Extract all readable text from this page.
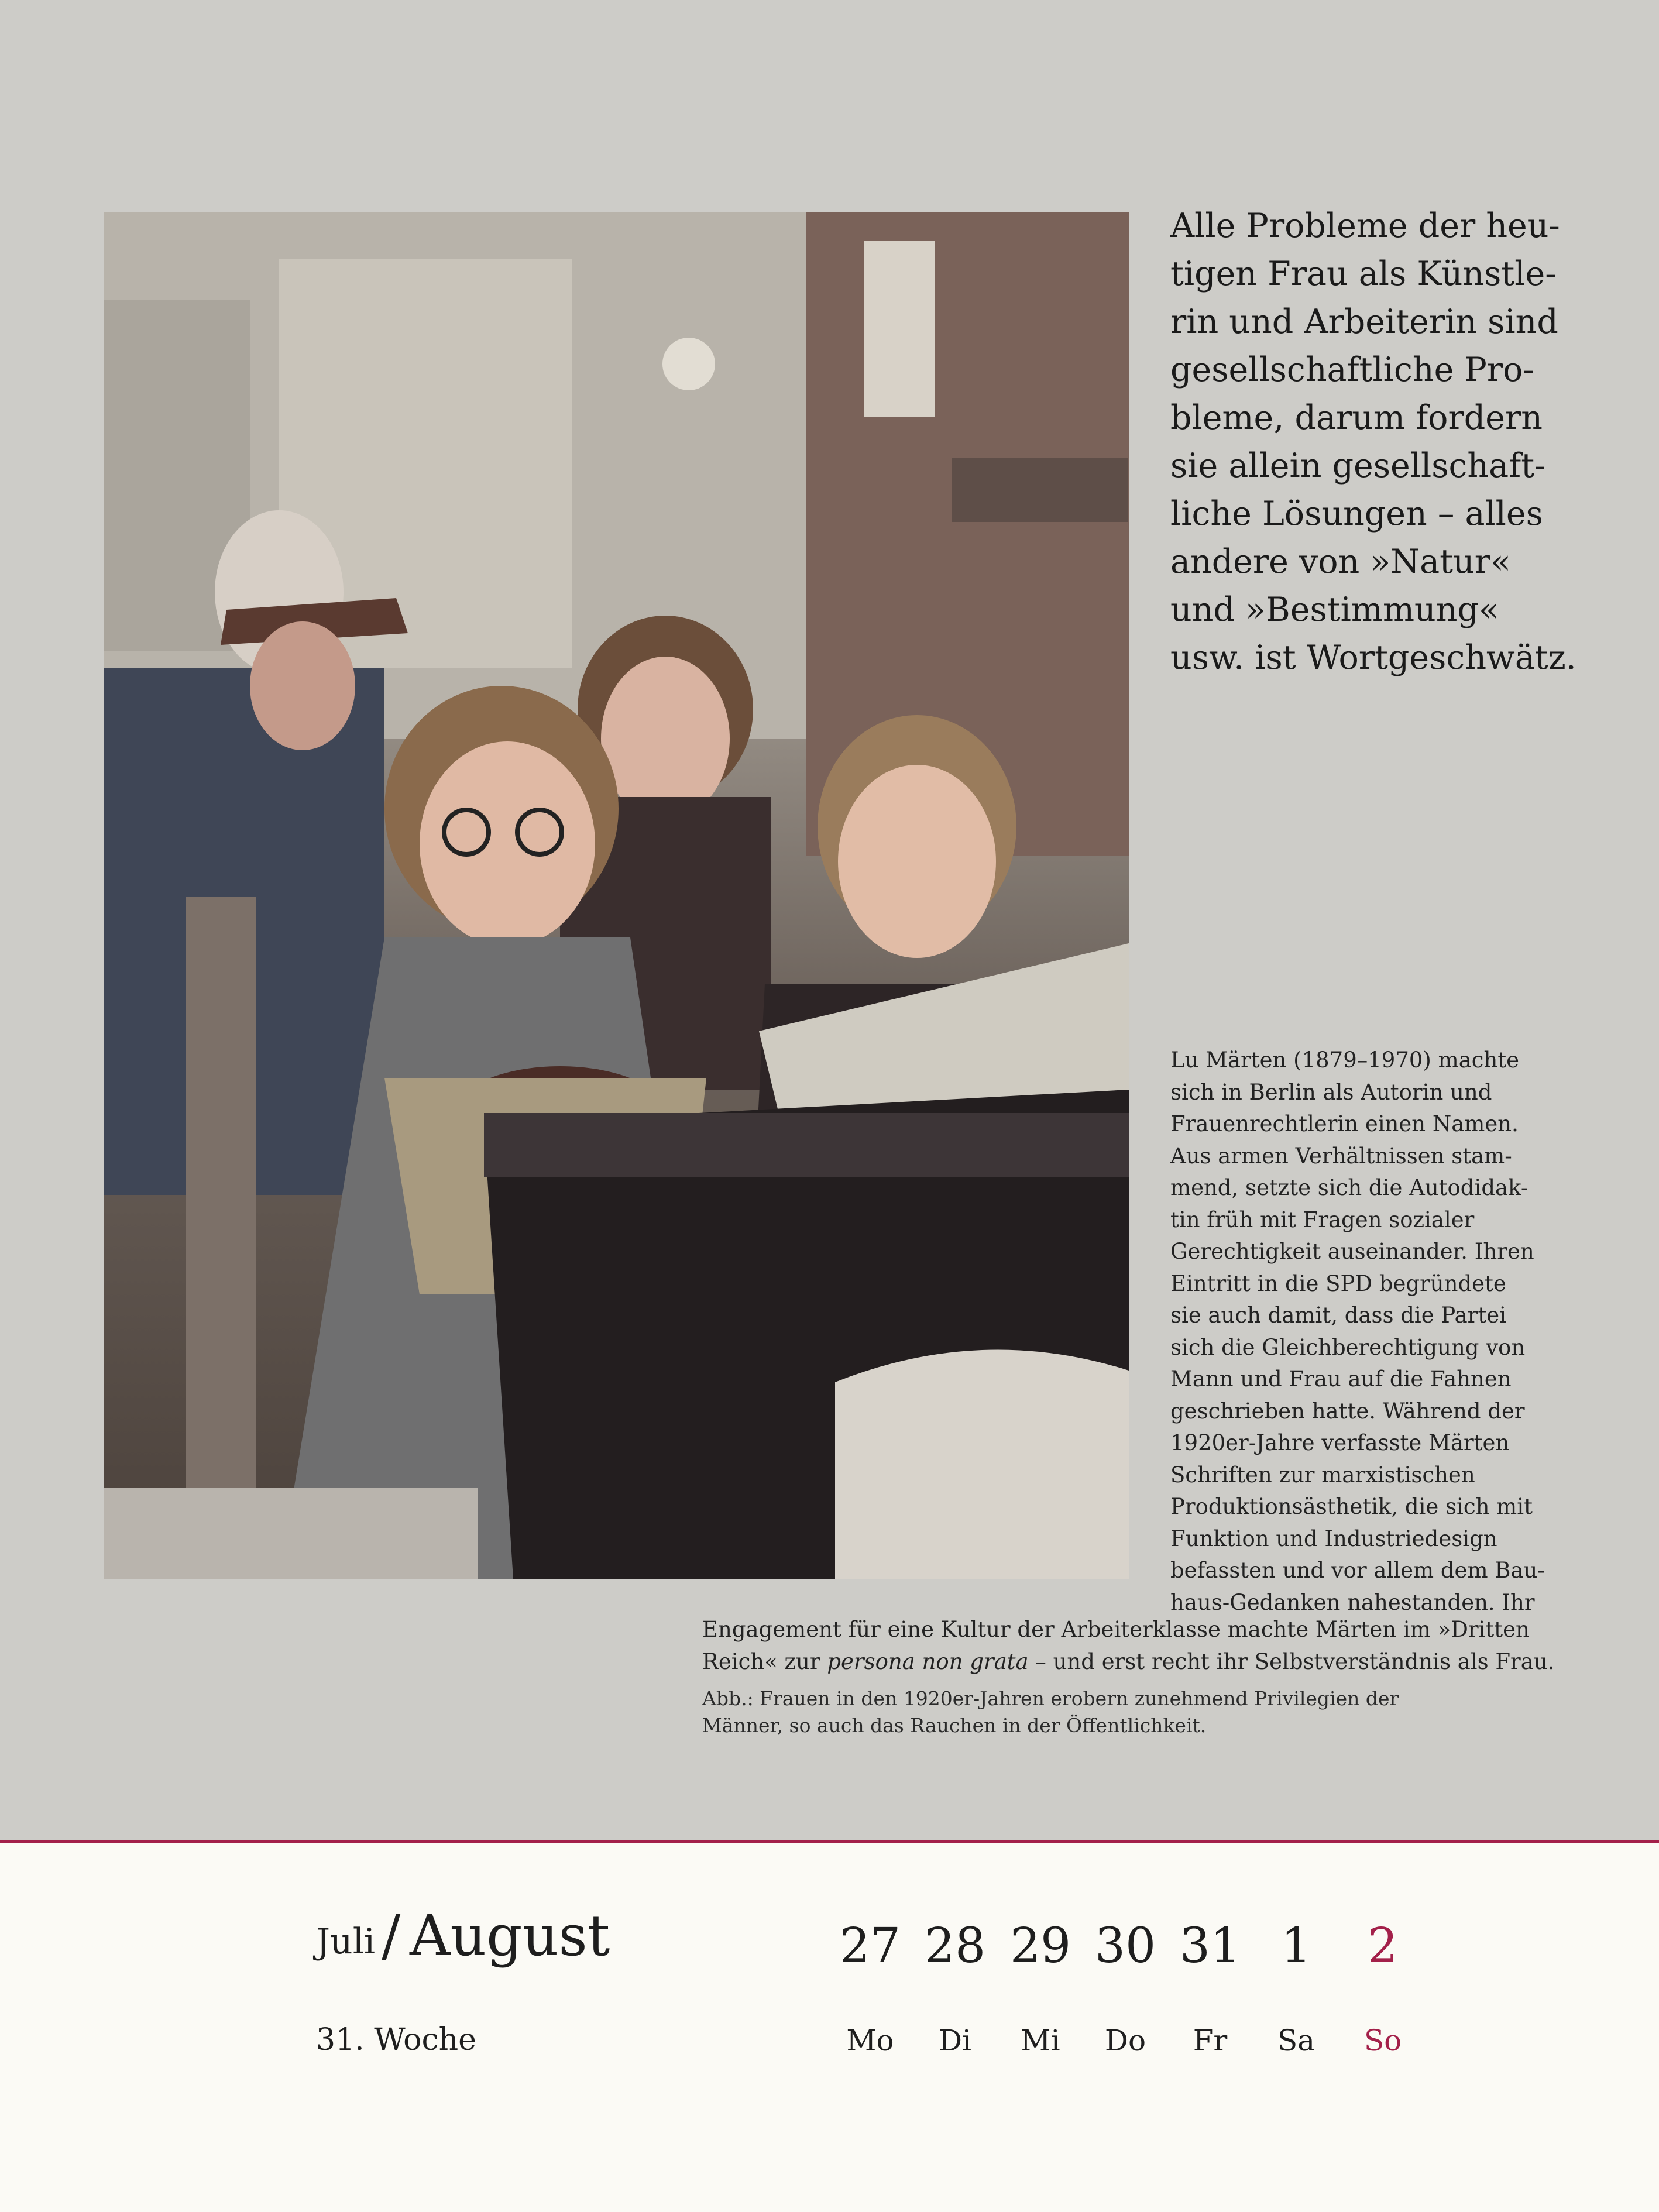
Alle Probleme der heu-
tigen Frau als Künstle-
rin und Arbeiterin sind
gesellschaftliche Pro-
bleme, darum fordern
sie allein gesellschaft-
liche Lösungen – alles
andere von »Natur«
und »Bestimmung«
usw. ist Wortgeschwätz.
Lu Märten (1879–1970) machte
sich in Berlin als Autorin und
Frauenrechtlerin einen Namen.
Aus armen Verhältnissen stam-
mend, setzte sich die Autodidak-
tin früh mit Fragen sozialer
Gerechtigkeit auseinander. Ihren
Eintritt in die SPD begründete
sie auch damit, dass die Partei
sich die Gleichberechtigung von
Mann und Frau auf die Fahnen
geschrieben hatte. Während der
1920er-Jahre verfasste Märten
Schriften zur marxistischen
Produktionsästhetik, die sich mit
Funktion und Industriedesign
befassten und vor allem dem Bau-
haus-Gedanken nahestanden. Ihr
Engagement für eine Kultur der Arbeiterklasse machte Märten im »Dritten
Reich« zur persona non grata – und erst recht ihr Selbstverständnis als Frau.
Abb.: Frauen in den 1920er-Jahren erobern zunehmend Privilegien der
Männer, so auch das Rauchen in der Öffentlichkeit.
Juli / August
31. Woche
27 28 29 30 31 1	2
Mo	Di	Mi	Do	Fr	Sa	So
